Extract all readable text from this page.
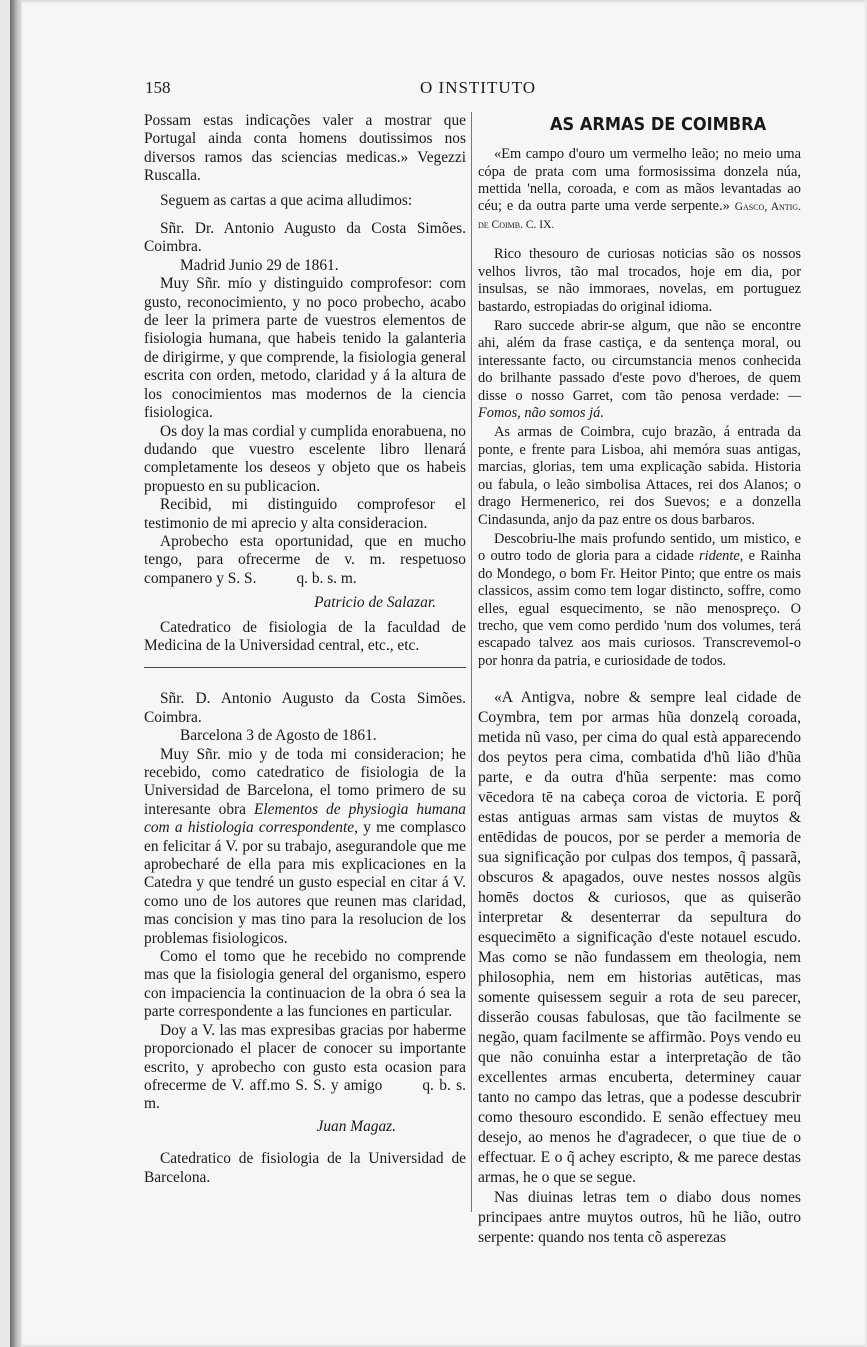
158	O INSTITUTO

Possam estas indicações valer a mostrar que Portugal ainda conta homens doutissimos nos diversos ramos das sciencias medicas.» Vegezzi Ruscalla.

Seguem as cartas a que acima alludimos:

Sñr. Dr. Antonio Augusto da Costa Simões. Coimbra.

Madrid Junio 29 de 1861.

Muy Sñr. mío y distinguido comprofesor: com gusto, reconocimiento, y no poco probecho, acabo de leer la primera parte de vuestros elementos de fisiologia humana, que habeis tenido la galanteria de dirigirme, y que comprende, la fisiologia general escrita con orden, metodo, claridad y á la altura de los conocimientos mas modernos de la ciencia fisiologica.

Os doy la mas cordial y cumplida enorabuena, no dudando que vuestro escelente libro llenará completamente los deseos y objeto que os habeis propuesto en su publicacion.

Recibid, mi distinguido comprofesor el testimonio de mi aprecio y alta consideracion.

Aprobecho esta oportunidad, que en mucho tengo, para ofrecerme de v. m. respetuoso companero y S. S.	q. b. s. m.

Patricio de Salazar.

Catedratico de fisiologia de la faculdad de Medicina de la Universidad central, etc., etc.

Sñr. D. Antonio Augusto da Costa Simões. Coimbra.

Barcelona 3 de Agosto de 1861.

Muy Sñr. mio y de toda mi consideracion; he recebido, como catedratico de fisiologia de la Universidad de Barcelona, el tomo primero de su interesante obra Elementos de physiogia humana com a histiologia correspondente, y me complasco en felicitar á V. por su trabajo, asegurandole que me aprobecharé de ella para mis explicaciones en la Catedra y que tendré un gusto especial en citar á V. como uno de los autores que reunen mas claridad, mas concision y mas tino para la resolucion de los problemas fisiologicos.

Como el tomo que he recebido no comprende mas que la fisiologia general del organismo, espero con impaciencia la continuacion de la obra ó sea la parte correspondente a las funciones en particular.

Doy a V. las mas expresibas gracias por haberme proporcionado el placer de conocer su importante escrito, y aprobecho con gusto esta ocasion para ofrecerme de V. aff.mo S. S. y amigo	q. b. s. m.

Juan Magaz.

Catedratico de fisiologia de la Universidad de Barcelona.

AS ARMAS DE COIMBRA

«Em campo d'ouro um vermelho leão; no meio uma cópa de prata com uma formosissima donzela núa, mettida 'nella, coroada, e com as mãos levantadas ao céu; e da outra parte uma verde serpente.» Gasco, Antig. de Coimb. C. IX.

Rico thesouro de curiosas noticias são os nossos velhos livros, tão mal trocados, hoje em dia, por insulsas, se não immoraes, novelas, em portuguez bastardo, estropiadas do original idioma.

Raro succede abrir-se algum, que não se encontre ahi, além da frase castiça, e da sentença moral, ou interessante facto, ou circumstancia menos conhecida do brilhante passado d'este povo d'heroes, de quem disse o nosso Garret, com tão penosa verdade: —Fomos, não somos já.

As armas de Coimbra, cujo brazão, á entrada da ponte, e frente para Lisboa, ahi memóra suas antigas, marcias, glorias, tem uma explicação sabida. Historia ou fabula, o leão simbolisa Attaces, rei dos Alanos; o drago Hermenerico, rei dos Suevos; e a donzella Cindasunda, anjo da paz entre os dous barbaros.

Descobriu-lhe mais profundo sentido, um mistico, e o outro todo de gloria para a cidade ridente, e Rainha do Mondego, o bom Fr. Heitor Pinto; que entre os mais classicos, assim como tem logar distincto, soffre, como elles, egual esquecimento, se não menospreço. O trecho, que vem como perdido 'num dos volumes, terá escapado talvez aos mais curiosos. Transcrevemol-o por honra da patria, e curiosidade de todos.

«A Antigva, nobre & sempre leal cidade de Coymbra, tem por armas hũa donzelą coroada, metida nũ vaso, per cima do qual està apparecendo dos peytos pera cima, combatida d'hũ lião d'hũa parte, e da outra d'hũa serpente: mas como vēcedora tē na cabeça coroa de victoria. E porq̃ estas antiguas armas sam vistas de muytos & entēdidas de poucos, por se perder a memoria de sua significação por culpas dos tempos, q̃ passarã, obscuros & apagados, ouve nestes nossos algũs homēs doctos & curiosos, que as quiserão interpretar & desenterrar da sepultura do esquecimēto a significação d'este notauel escudo. Mas como se não fundassem em theologia, nem philosophia, nem em historias autēticas, mas somente quisessem seguir a rota de seu parecer, disserão cousas fabulosas, que tão facilmente se negão, quam facilmente se affirmão. Poys vendo eu que não conuinha estar a interpretação de tão excellentes armas encuberta, determiney cauar tanto no campo das letras, que a podesse descubrir como thesouro escondido. E senão effectuey meu desejo, ao menos he d'agradecer, o que tiue de o effectuar. E o q̃ achey escripto, & me parece destas armas, he o que se segue.

Nas diuinas letras tem o diabo dous nomes principaes antre muytos outros, hũ he lião, outro serpente: quando nos tenta cõ asperezas
